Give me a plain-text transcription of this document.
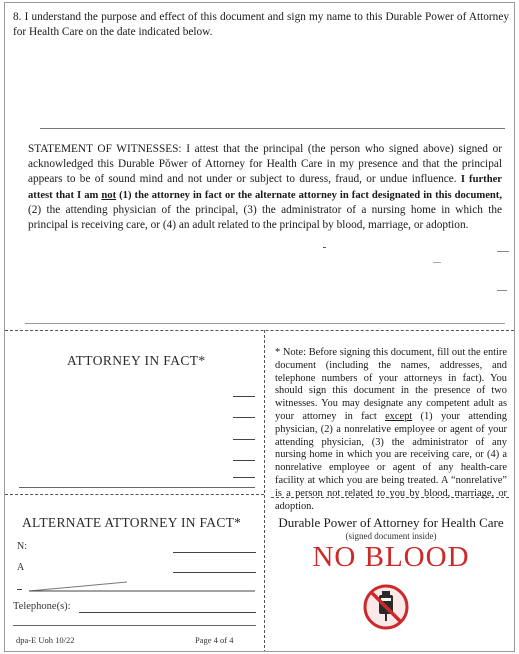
8. I understand the purpose and effect of this document and sign my name to this Durable Power of Attorney for Health Care on the date indicated below.
STATEMENT OF WITNESSES: I attest that the principal (the person who signed above) signed or acknowledged this Durable Pŏwer of Attorney for Health Care in my presence and that the principal appears to be of sound mind and not under or subject to duress, fraud, or undue influence. I further attest that I am not (1) the attorney in fact or the alternate attorney in fact designated in this document, (2) the attending physician of the principal, (3) the administrator of a nursing home in which the principal is receiving care, or (4) an adult related to the principal by blood, marriage, or adoption.
ATTORNEY IN FACT*
ALTERNATE ATTORNEY IN FACT*
N:
A
Telephone(s):
* Note: Before signing this document, fill out the entire document (including the names, addresses, and telephone numbers of your attorneys in fact). You should sign this document in the presence of two witnesses. You may designate any competent adult as your attorney in fact except (1) your attending physician, (2) a nonrelative employee or agent of your attending physician, (3) the administrator of any nursing home in which you are receiving care, or (4) a nonrelative employee or agent of any health-care facility at which you are being treated. A “nonrelative” is a person not related to you by blood, marriage, or adoption.
Durable Power of Attorney for Health Care
(signed document inside)
NO BLOOD
dpa-E Uoh 10/22	Page 4 of 4
